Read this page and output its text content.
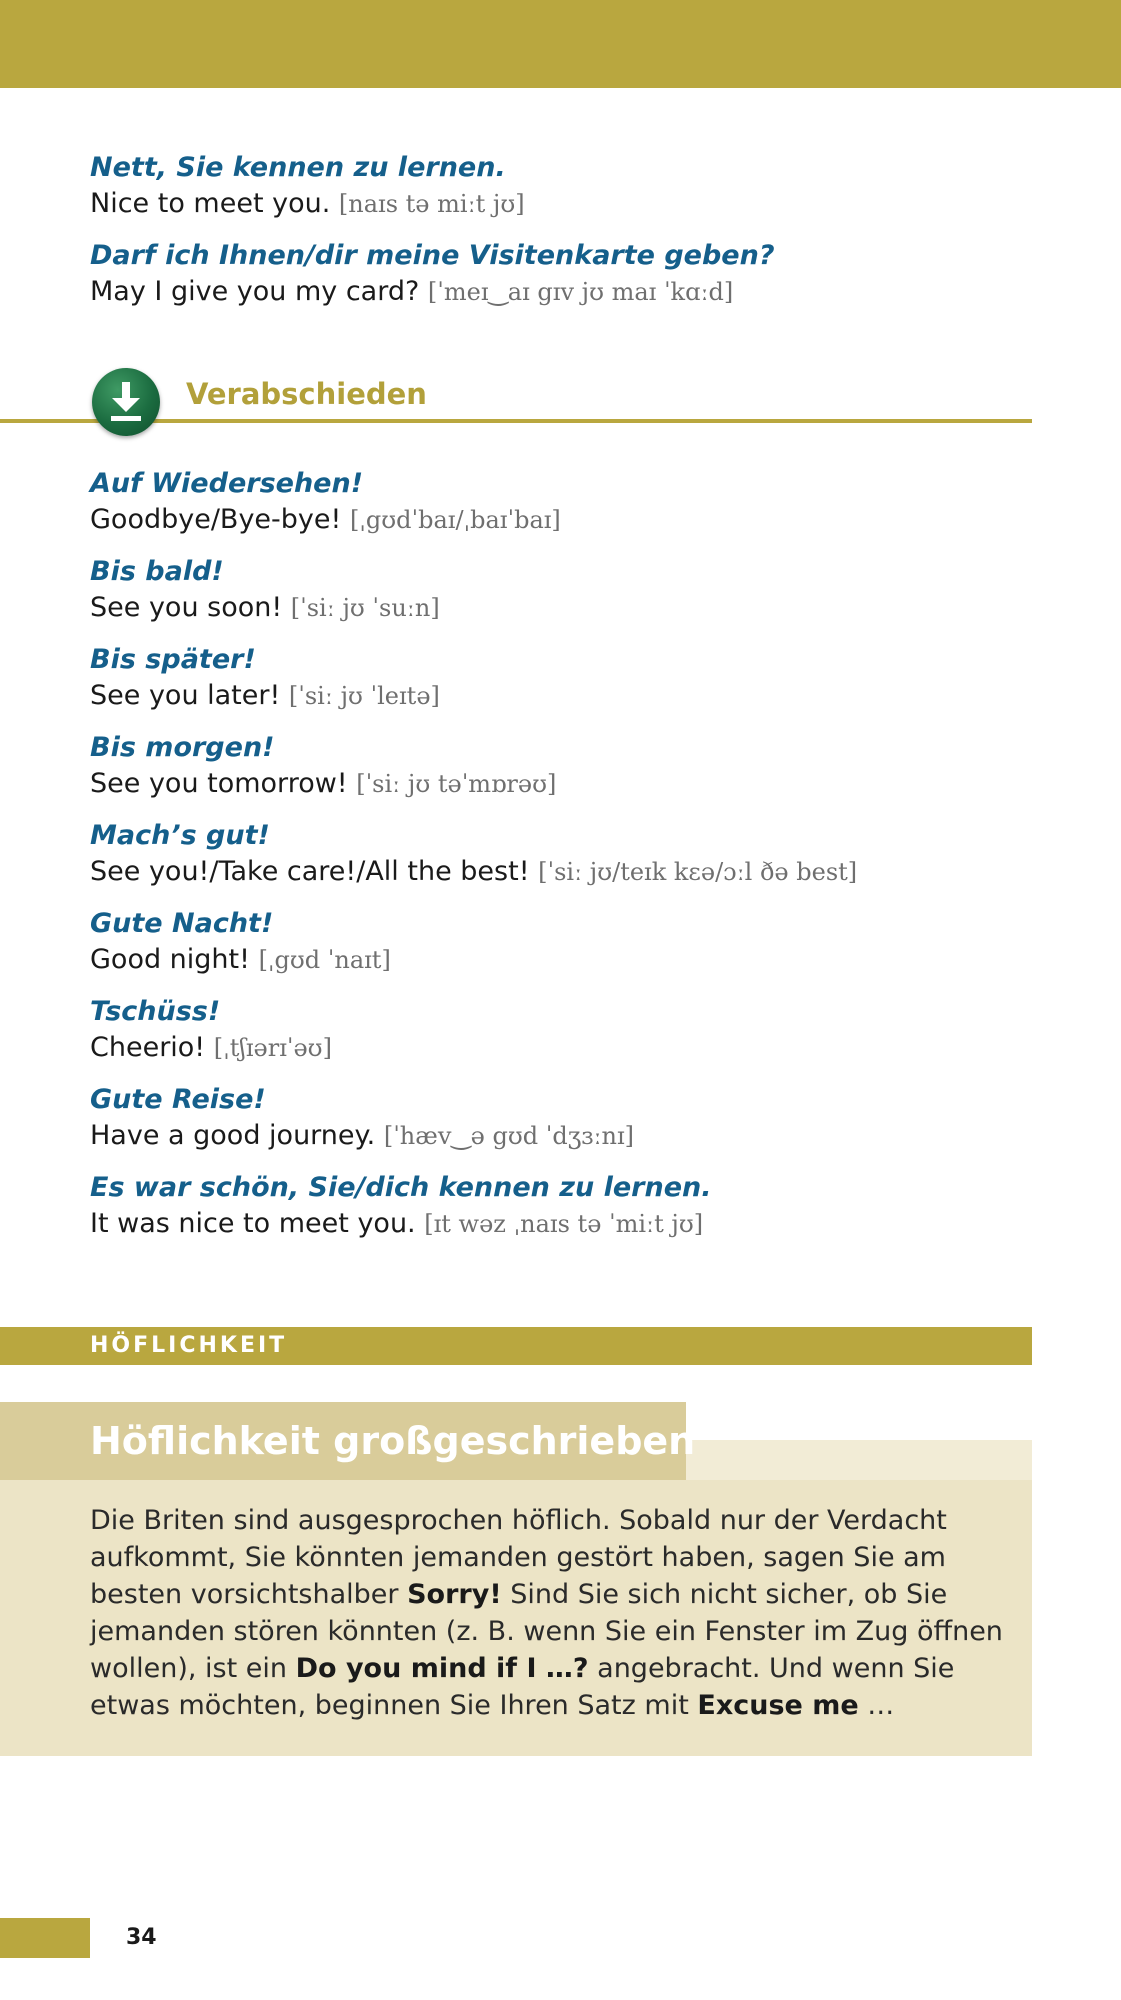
Nett, Sie kennen zu lernen.
Nice to meet you. [naɪs tə miːt jʊ]
Darf ich Ihnen/dir meine Visitenkarte geben?
May I give you my card? [ˈmeɪ‿aɪ gɪv jʊ maɪ ˈkɑːd]
Verabschieden
Auf Wiedersehen!
Goodbye/Bye-bye! [ˌgʊdˈbaɪ/ˌbaɪˈbaɪ]
Bis bald!
See you soon! [ˈsiː jʊ ˈsuːn]
Bis später!
See you later! [ˈsiː jʊ ˈleɪtə]
Bis morgen!
See you tomorrow! [ˈsiː jʊ təˈmɒrəʊ]
Mach’s gut!
See you!/Take care!/All the best! [ˈsiː jʊ/teɪk kɛə/ɔːl ðə best]
Gute Nacht!
Good night! [ˌgʊd ˈnaɪt]
Tschüss!
Cheerio! [ˌtʃɪərɪˈəʊ]
Gute Reise!
Have a good journey. [ˈhæv‿ə gʊd ˈdʒɜːnɪ]
Es war schön, Sie/dich kennen zu lernen.
It was nice to meet you. [ɪt wəz ˌnaɪs tə ˈmiːt jʊ]
HÖFLICHKEIT
Höflichkeit großgeschrieben
Die Briten sind ausgesprochen höflich. Sobald nur der Verdacht aufkommt, Sie könnten jemanden gestört haben, sagen Sie am besten vorsichtshalber Sorry! Sind Sie sich nicht sicher, ob Sie jemanden stören könnten (z. B. wenn Sie ein Fenster im Zug öffnen wollen), ist ein Do you mind if I …? angebracht. Und wenn Sie etwas möchten, beginnen Sie Ihren Satz mit Excuse me …
34
